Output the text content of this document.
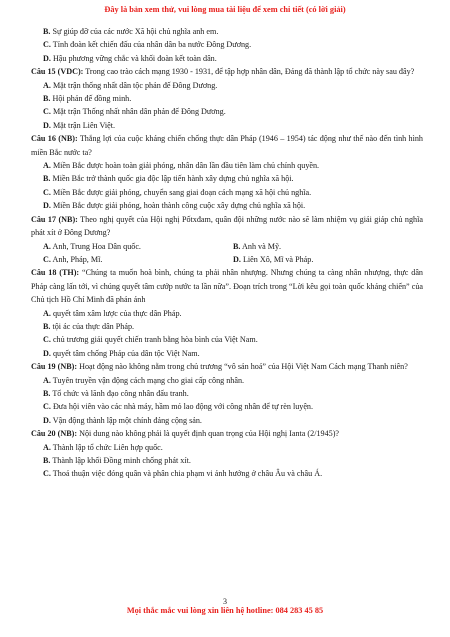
Đây là bản xem thử, vui lòng mua tài liệu để xem chi tiết (có lời giải)
B. Sự giúp đỡ của các nước Xã hội chủ nghĩa anh em.
C. Tỉnh đoàn kết chiến đấu của nhân dân ba nước Đông Dương.
D. Hậu phương vững chắc và khối đoàn kết toàn dân.
Câu 15 (VDC): Trong cao trào cách mạng 1930 - 1931, để tập hợp nhân dân, Đảng đã thành lập tổ chức này sau đây?
A. Mặt trận thống nhất dân tộc phản đế Đông Dương.
B. Hội phản đế đồng minh.
C. Mặt trận Thống nhất nhân dân phản đế Đông Dương.
D. Mặt trận Liên Việt.
Câu 16 (NB): Thắng lợi của cuộc kháng chiến chống thực dân Pháp (1946 – 1954) tác động như thế nào đến tình hình miền Bắc nước ta?
A. Miền Bắc được hoàn toàn giải phóng, nhân dân lần đầu tiên làm chủ chính quyền.
B. Miền Bắc trở thành quốc gia độc lập tiến hành xây dựng chủ nghĩa xã hội.
C. Miền Bắc được giải phóng, chuyển sang giai đoạn cách mạng xã hội chủ nghĩa.
D. Miền Bắc được giải phóng, hoàn thành công cuộc xây dựng chủ nghĩa xã hội.
Câu 17 (NB): Theo nghị quyết của Hội nghị Pốtxđam, quân đội những nước nào sẽ làm nhiệm vụ giải giáp chủ nghĩa phát xít ở Đông Dương?
A. Anh, Trung Hoa Dân quốc.	B. Anh và Mỹ.
C. Anh, Pháp, Mĩ.	D. Liên Xô, Mĩ và Pháp.
Câu 18 (TH): “Chúng ta muốn hoà bình, chúng ta phải nhân nhượng. Nhưng chúng ta càng nhân nhượng, thực dân Pháp càng lấn tới, vì chúng quyết tâm cướp nước ta lần nữa”. Đoạn trích trong “Lời kêu gọi toàn quốc kháng chiến” của Chủ tịch Hồ Chí Minh đã phản ánh
A. quyết tâm xâm lược của thực dân Pháp.
B. tội ác của thực dân Pháp.
C. chủ trương giải quyết chiến tranh bằng hòa bình của Việt Nam.
D. quyết tâm chống Pháp của dân tộc Việt Nam.
Câu 19 (NB): Hoạt động nào không nằm trong chủ trương “vô sản hoá” của Hội Việt Nam Cách mạng Thanh niên?
A. Tuyên truyền vận động cách mạng cho giai cấp công nhân.
B. Tổ chức và lãnh đạo công nhân đấu tranh.
C. Đưa hội viên vào các nhà máy, hầm mỏ lao động với công nhân để tự rèn luyện.
D. Vận động thành lập một chính đảng cộng sản.
Câu 20 (NB): Nội dung nào không phải là quyết định quan trọng của Hội nghị Ianta (2/1945)?
A. Thành lập tổ chức Liên hợp quốc.
B. Thành lập khối Đồng minh chống phát xít.
C. Thoả thuận việc đóng quân và phân chia phạm vi ảnh hưởng ở châu Âu và châu Á.
3
Mọi thắc mắc vui lòng xin liên hệ hotline: 084 283 45 85
